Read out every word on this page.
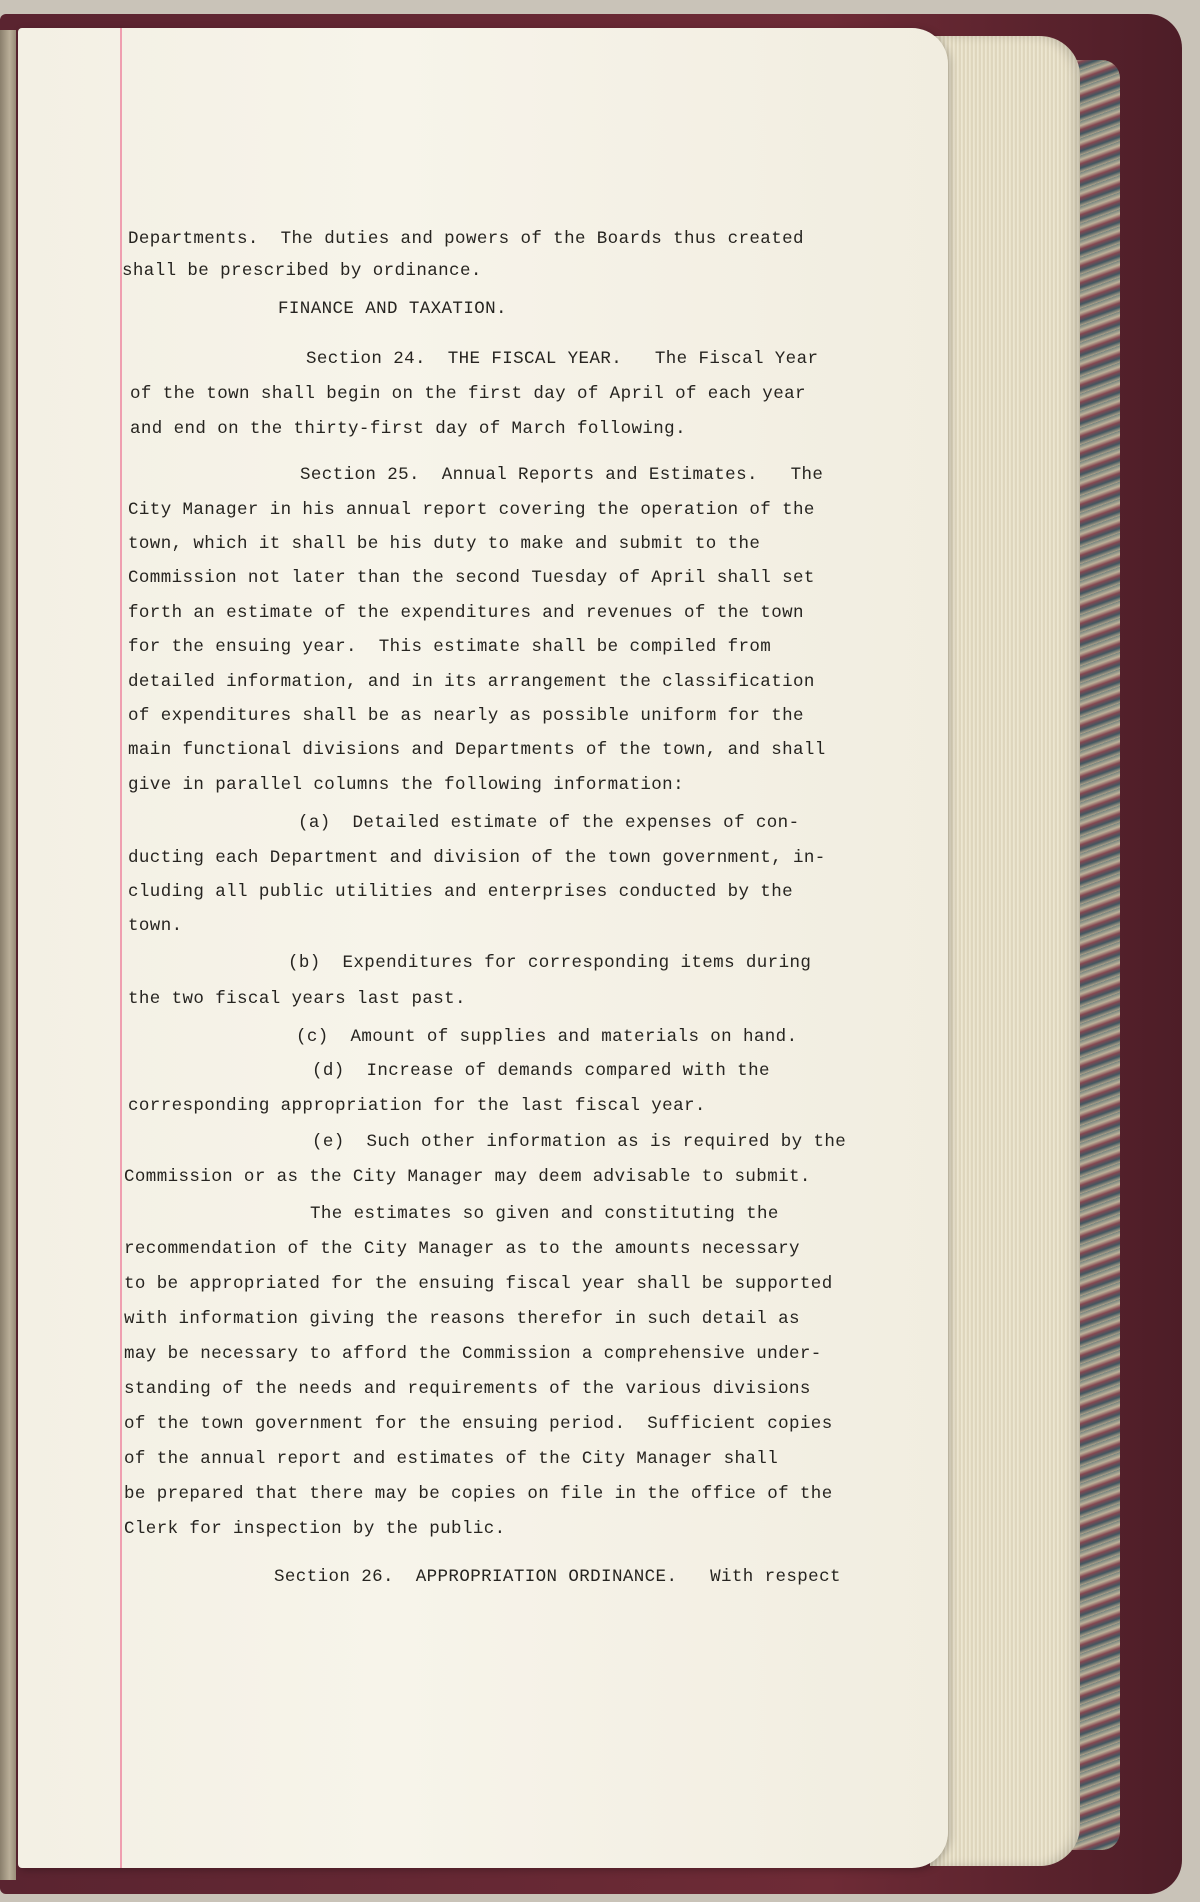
Departments.  The duties and powers of the Boards thus created

shall be prescribed by ordinance.

FINANCE AND TAXATION.

Section 24.  THE FISCAL YEAR.   The Fiscal Year

of the town shall begin on the first day of April of each year

and end on the thirty-first day of March following.

Section 25.  Annual Reports and Estimates.   The

City Manager in his annual report covering the operation of the

town, which it shall be his duty to make and submit to the

Commission not later than the second Tuesday of April shall set

forth an estimate of the expenditures and revenues of the town

for the ensuing year.  This estimate shall be compiled from

detailed information, and in its arrangement the classification

of expenditures shall be as nearly as possible uniform for the

main functional divisions and Departments of the town, and shall

give in parallel columns the following information:

(a)  Detailed estimate of the expenses of con-

ducting each Department and division of the town government, in-

cluding all public utilities and enterprises conducted by the

town.

(b)  Expenditures for corresponding items during

the two fiscal years last past.

(c)  Amount of supplies and materials on hand.

(d)  Increase of demands compared with the

corresponding appropriation for the last fiscal year.

(e)  Such other information as is required by the

Commission or as the City Manager may deem advisable to submit.

The estimates so given and constituting the

recommendation of the City Manager as to the amounts necessary

to be appropriated for the ensuing fiscal year shall be supported

with information giving the reasons therefor in such detail as

may be necessary to afford the Commission a comprehensive under-

standing of the needs and requirements of the various divisions

of the town government for the ensuing period.  Sufficient copies

of the annual report and estimates of the City Manager shall

be prepared that there may be copies on file in the office of the

Clerk for inspection by the public.

Section 26.  APPROPRIATION ORDINANCE.   With respect
